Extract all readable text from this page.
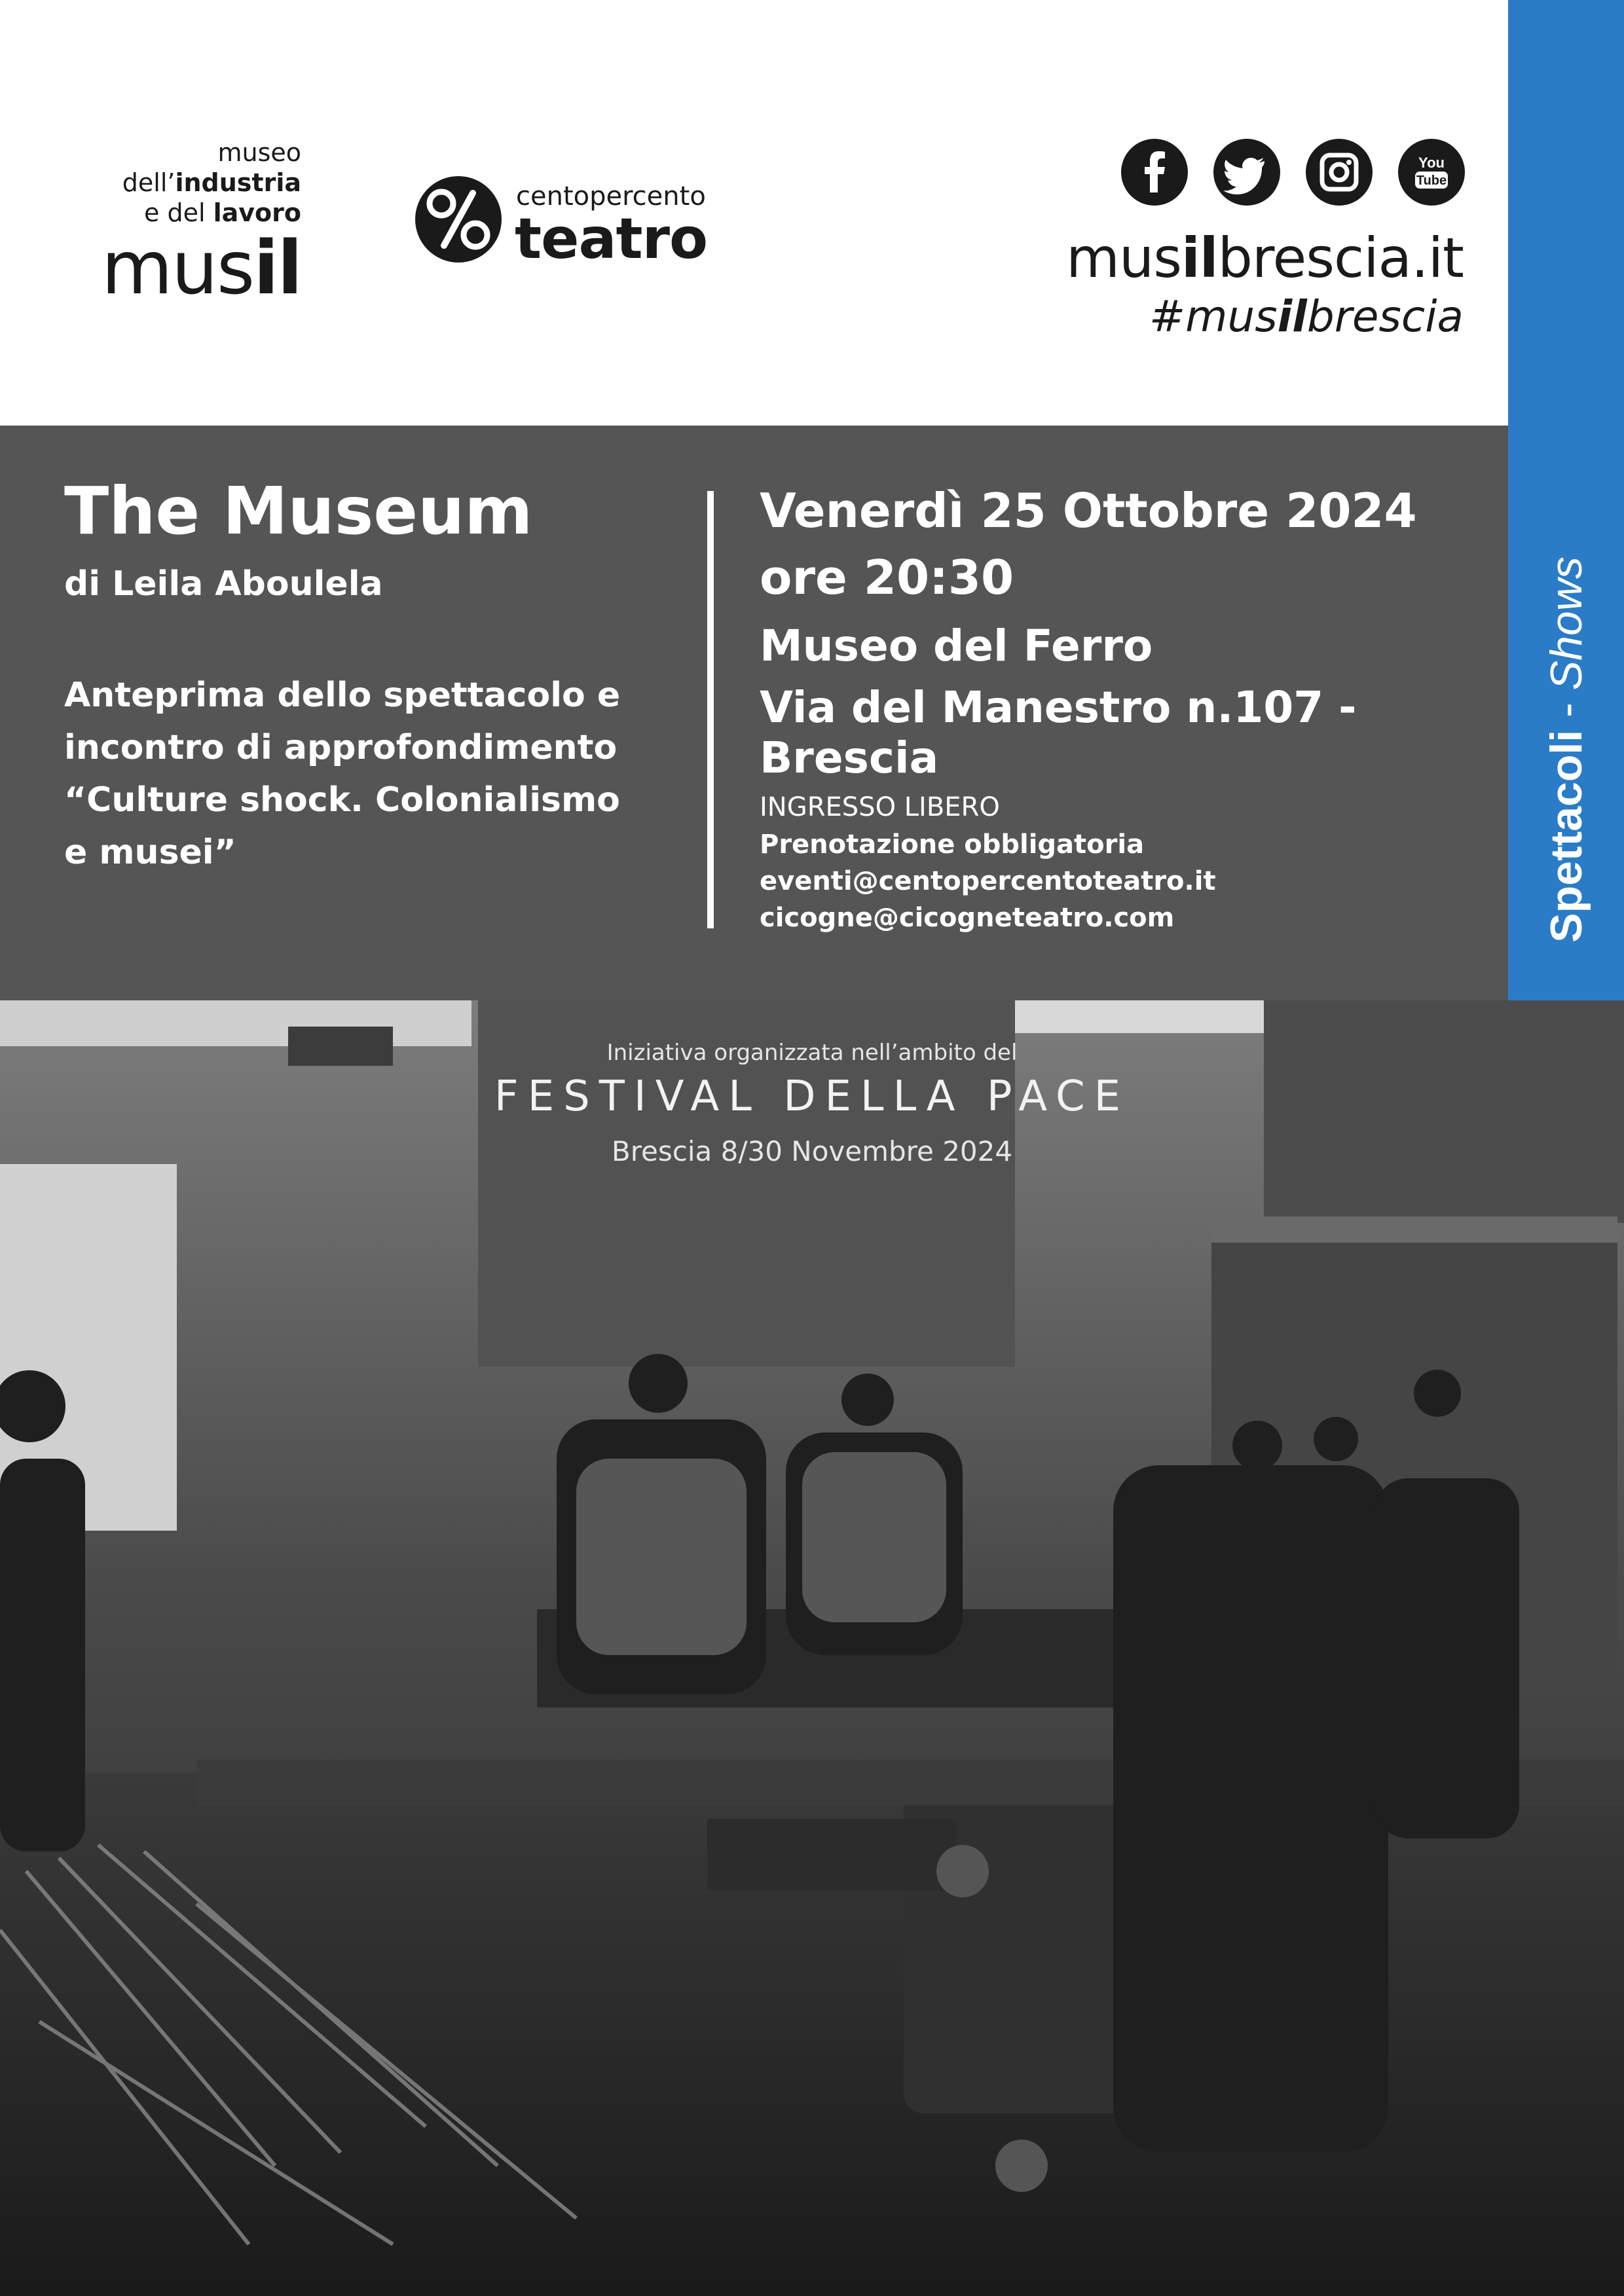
museo
dell’industria
e del lavoro
musil
centopercento
teatro
You
Tube
musilbrescia.it
#musilbrescia
Spettacoli - Shows
The Museum
di Leila Aboulela
Anteprima dello spettacolo e
incontro di approfondimento
“Culture shock. Colonialismo
e musei”
Venerdì 25 Ottobre 2024
ore 20:30
Museo del Ferro
Via del Manestro n.107 - Brescia
INGRESSO LIBERO
Prenotazione obbligatoria
eventi@centopercentoteatro.it
cicogne@cicogneteatro.com
Iniziativa organizzata nell’ambito del
FESTIVAL DELLA PACE
Brescia 8/30 Novembre 2024
